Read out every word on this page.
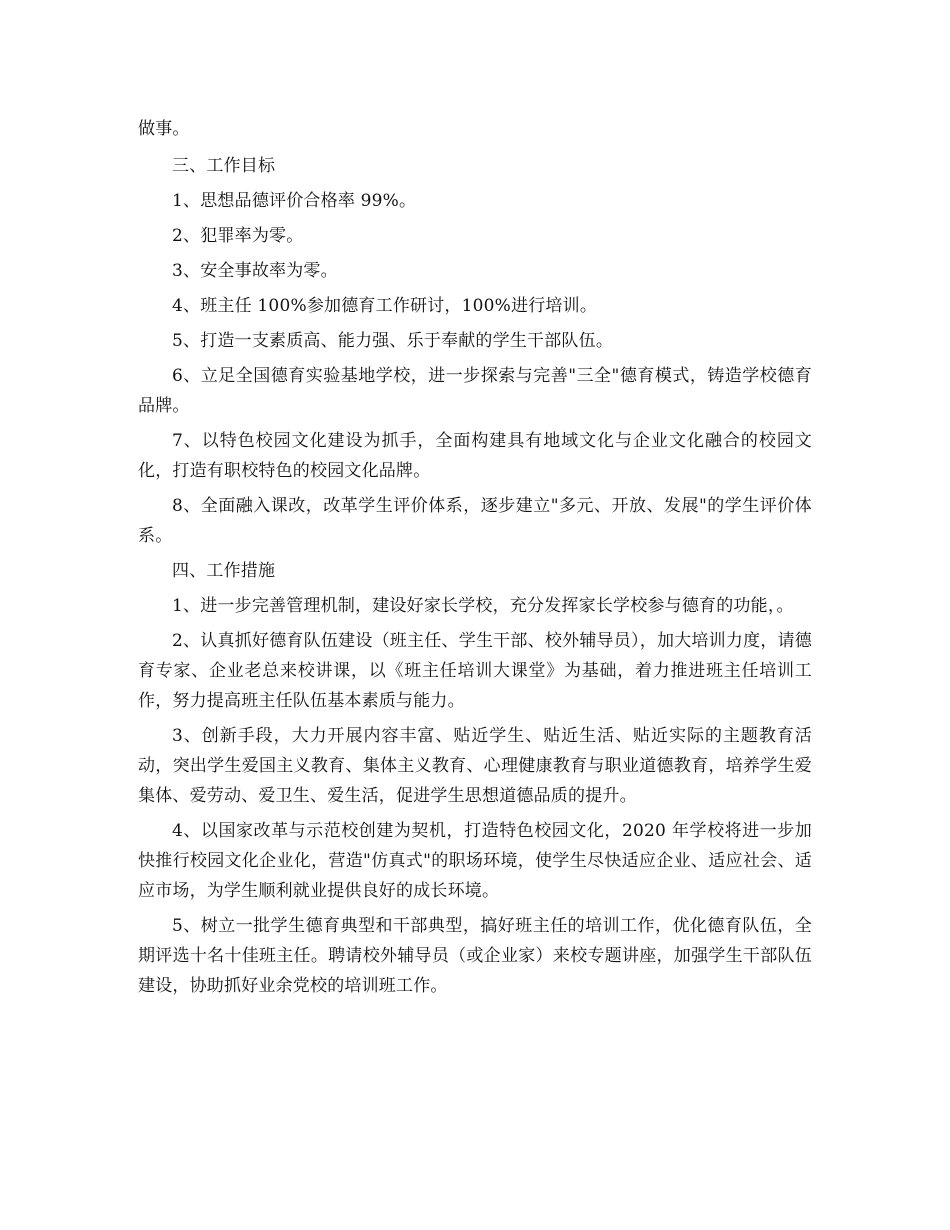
做事。

三、工作目标

1、思想品德评价合格率 99%。

2、犯罪率为零。

3、安全事故率为零。

4、班主任 100%参加德育工作研讨，100%进行培训。

5、打造一支素质高、能力强、乐于奉献的学生干部队伍。

6、立足全国德育实验基地学校，进一步探索与完善"三全"德育模式，铸造学校德育品牌。

7、以特色校园文化建设为抓手，全面构建具有地域文化与企业文化融合的校园文化，打造有职校特色的校园文化品牌。

8、全面融入课改，改革学生评价体系，逐步建立"多元、开放、发展"的学生评价体系。

四、工作措施

1、进一步完善管理机制，建设好家长学校，充分发挥家长学校参与德育的功能，。

2、认真抓好德育队伍建设（班主任、学生干部、校外辅导员），加大培训力度，请德育专家、企业老总来校讲课，以《班主任培训大课堂》为基础，着力推进班主任培训工作，努力提高班主任队伍基本素质与能力。

3、创新手段，大力开展内容丰富、贴近学生、贴近生活、贴近实际的主题教育活动，突出学生爱国主义教育、集体主义教育、心理健康教育与职业道德教育，培养学生爱集体、爱劳动、爱卫生、爱生活，促进学生思想道德品质的提升。

4、以国家改革与示范校创建为契机，打造特色校园文化，2020 年学校将进一步加快推行校园文化企业化，营造"仿真式"的职场环境，使学生尽快适应企业、适应社会、适应市场，为学生顺利就业提供良好的成长环境。

5、树立一批学生德育典型和干部典型，搞好班主任的培训工作，优化德育队伍，全期评选十名十佳班主任。聘请校外辅导员（或企业家）来校专题讲座，加强学生干部队伍建设，协助抓好业余党校的培训班工作。
